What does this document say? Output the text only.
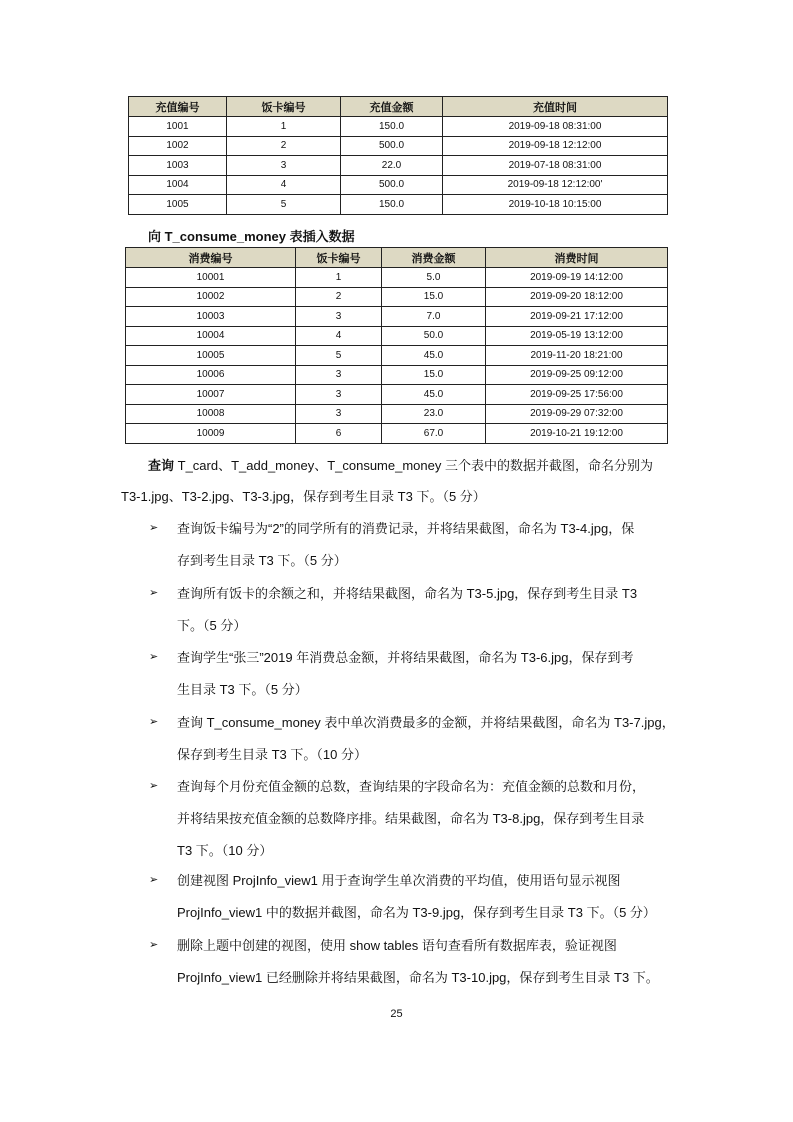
充值编号	饭卡编号	充值金额	充值时间
1001	1	150.0	2019-09-18 08:31:00
1002	2	500.0	2019-09-18 12:12:00
1003	3	22.0	2019-07-18 08:31:00
1004	4	500.0	2019-09-18 12:12:00'
1005	5	150.0	2019-10-18 10:15:00
向 T_consume_money 表插入数据
消费编号	饭卡编号	消费金额	消费时间
10001	1	5.0	2019-09-19 14:12:00
10002	2	15.0	2019-09-20 18:12:00
10003	3	7.0	2019-09-21 17:12:00
10004	4	50.0	2019-05-19 13:12:00
10005	5	45.0	2019-11-20 18:21:00
10006	3	15.0	2019-09-25 09:12:00
10007	3	45.0	2019-09-25 17:56:00
10008	3	23.0	2019-09-29 07:32:00
10009	6	67.0	2019-10-21 19:12:00
查询 T_card、T_add_money、T_consume_money 三个表中的数据并截图，命名分别为
T3-1.jpg、T3-2.jpg、T3-3.jpg，保存到考生目录 T3 下。（5 分）
➢ 查询饭卡编号为“2”的同学所有的消费记录，并将结果截图，命名为 T3-4.jpg，保
存到考生目录 T3 下。（5 分）
➢ 查询所有饭卡的余额之和，并将结果截图，命名为 T3-5.jpg，保存到考生目录 T3
下。（5 分）
➢ 查询学生“张三”2019 年消费总金额，并将结果截图，命名为 T3-6.jpg，保存到考
生目录 T3 下。（5 分）
➢ 查询 T_consume_money 表中单次消费最多的金额，并将结果截图，命名为 T3-7.jpg，
保存到考生目录 T3 下。（10 分）
➢ 查询每个月份充值金额的总数，查询结果的字段命名为：充值金额的总数和月份，
并将结果按充值金额的总数降序排。结果截图，命名为 T3-8.jpg，保存到考生目录
T3 下。（10 分）
➢ 创建视图 ProjInfo_view1 用于查询学生单次消费的平均值，使用语句显示视图
ProjInfo_view1 中的数据并截图，命名为 T3-9.jpg，保存到考生目录 T3 下。（5 分）
➢ 删除上题中创建的视图，使用 show tables 语句查看所有数据库表，验证视图
ProjInfo_view1 已经删除并将结果截图，命名为 T3-10.jpg，保存到考生目录 T3 下。
25
